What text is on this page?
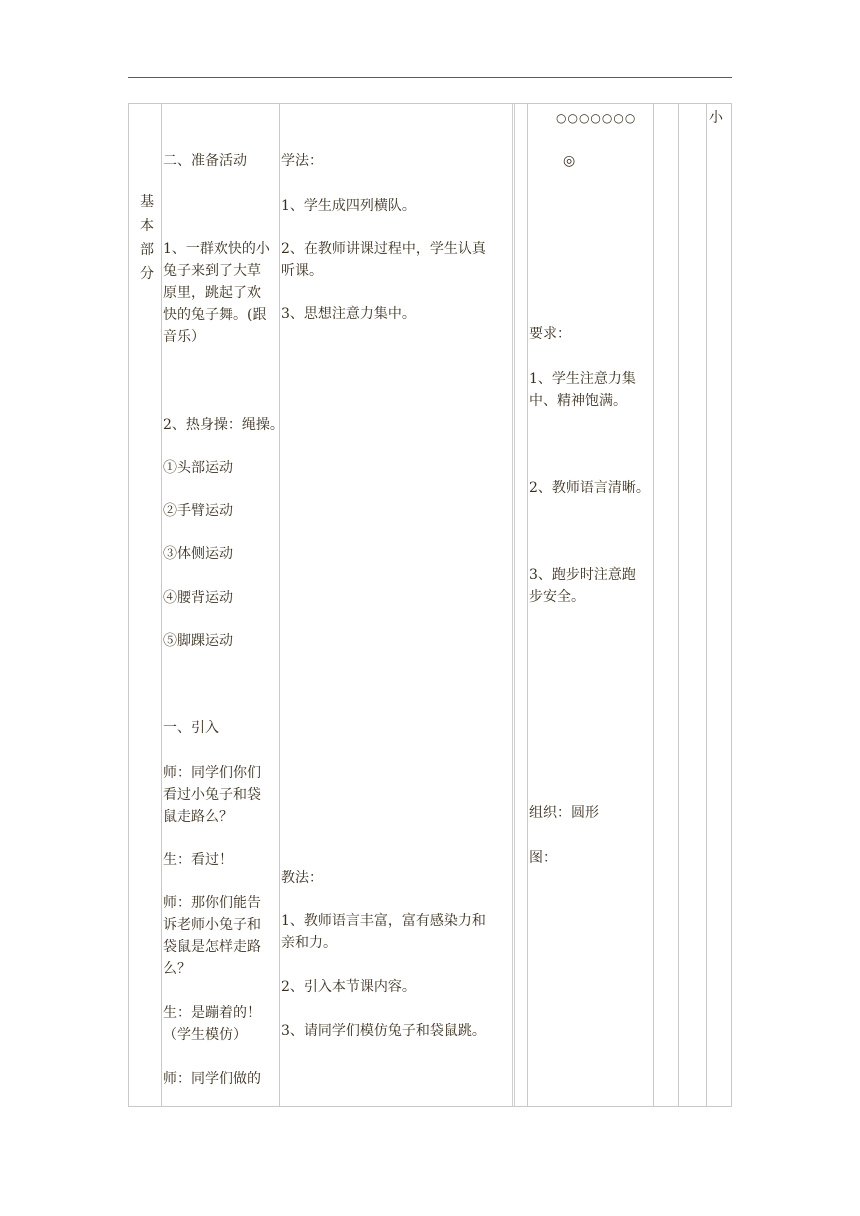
基
本
部
分
二、准备活动
1、一群欢快的小
兔子来到了大草
原里，跳起了欢
快的兔子舞。(跟
音乐）
2、热身操：绳操。
①头部运动
②手臂运动
③体侧运动
④腰背运动
⑤脚踝运动
一、引入
师：同学们你们
看过小兔子和袋
鼠走路么？
生：看过！
师：那你们能告
诉老师小兔子和
袋鼠是怎样走路
么？
生：是蹦着的！
（学生模仿）
师：同学们做的
学法：
1、学生成四列横队。
2、在教师讲课过程中，学生认真
听课。
3、思想注意力集中。
教法：
1、教师语言丰富，富有感染力和
亲和力。
2、引入本节课内容。
3、请同学们模仿兔子和袋鼠跳。
○○○○○○○
◎
要求：
1、学生注意力集
中、精神饱满。
2、教师语言清晰。
3、跑步时注意跑
步安全。
组织：圆形
图：
小
